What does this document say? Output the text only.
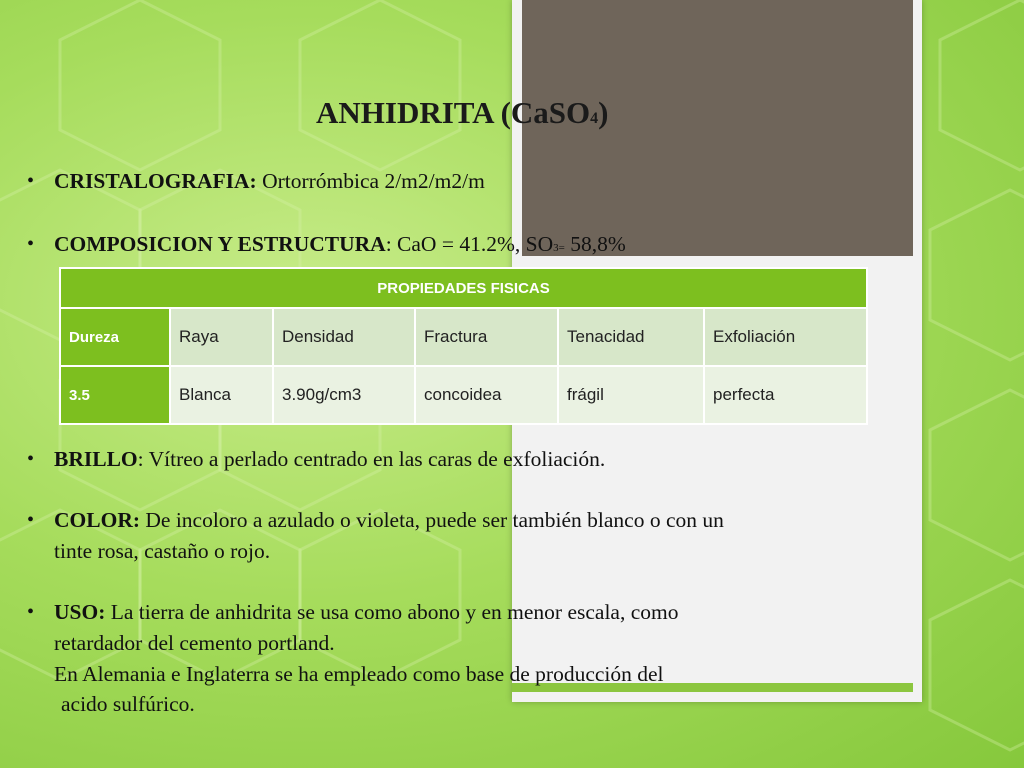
ANHIDRITA (CaSO4)

• CRISTALOGRAFIA: Ortorrómbica 2/m2/m2/m

• COMPOSICION Y ESTRUCTURA: CaO = 41.2%, SO3= 58,8%

PROPIEDADES FISICAS					
Dureza	Raya	Densidad	Fractura	Tenacidad	Exfoliación
3.5	Blanca	3.90g/cm3	concoidea	frágil	perfecta

• BRILLO: Vítreo a perlado centrado en las caras de exfoliación.

• COLOR: De incoloro a azulado o violeta, puede ser también blanco o con un
tinte rosa, castaño o rojo.

• USO: La tierra de anhidrita se usa como abono y en menor escala, como
retardador del cemento portland.
En Alemania e Inglaterra se ha empleado como base de producción del

acido sulfúrico.
